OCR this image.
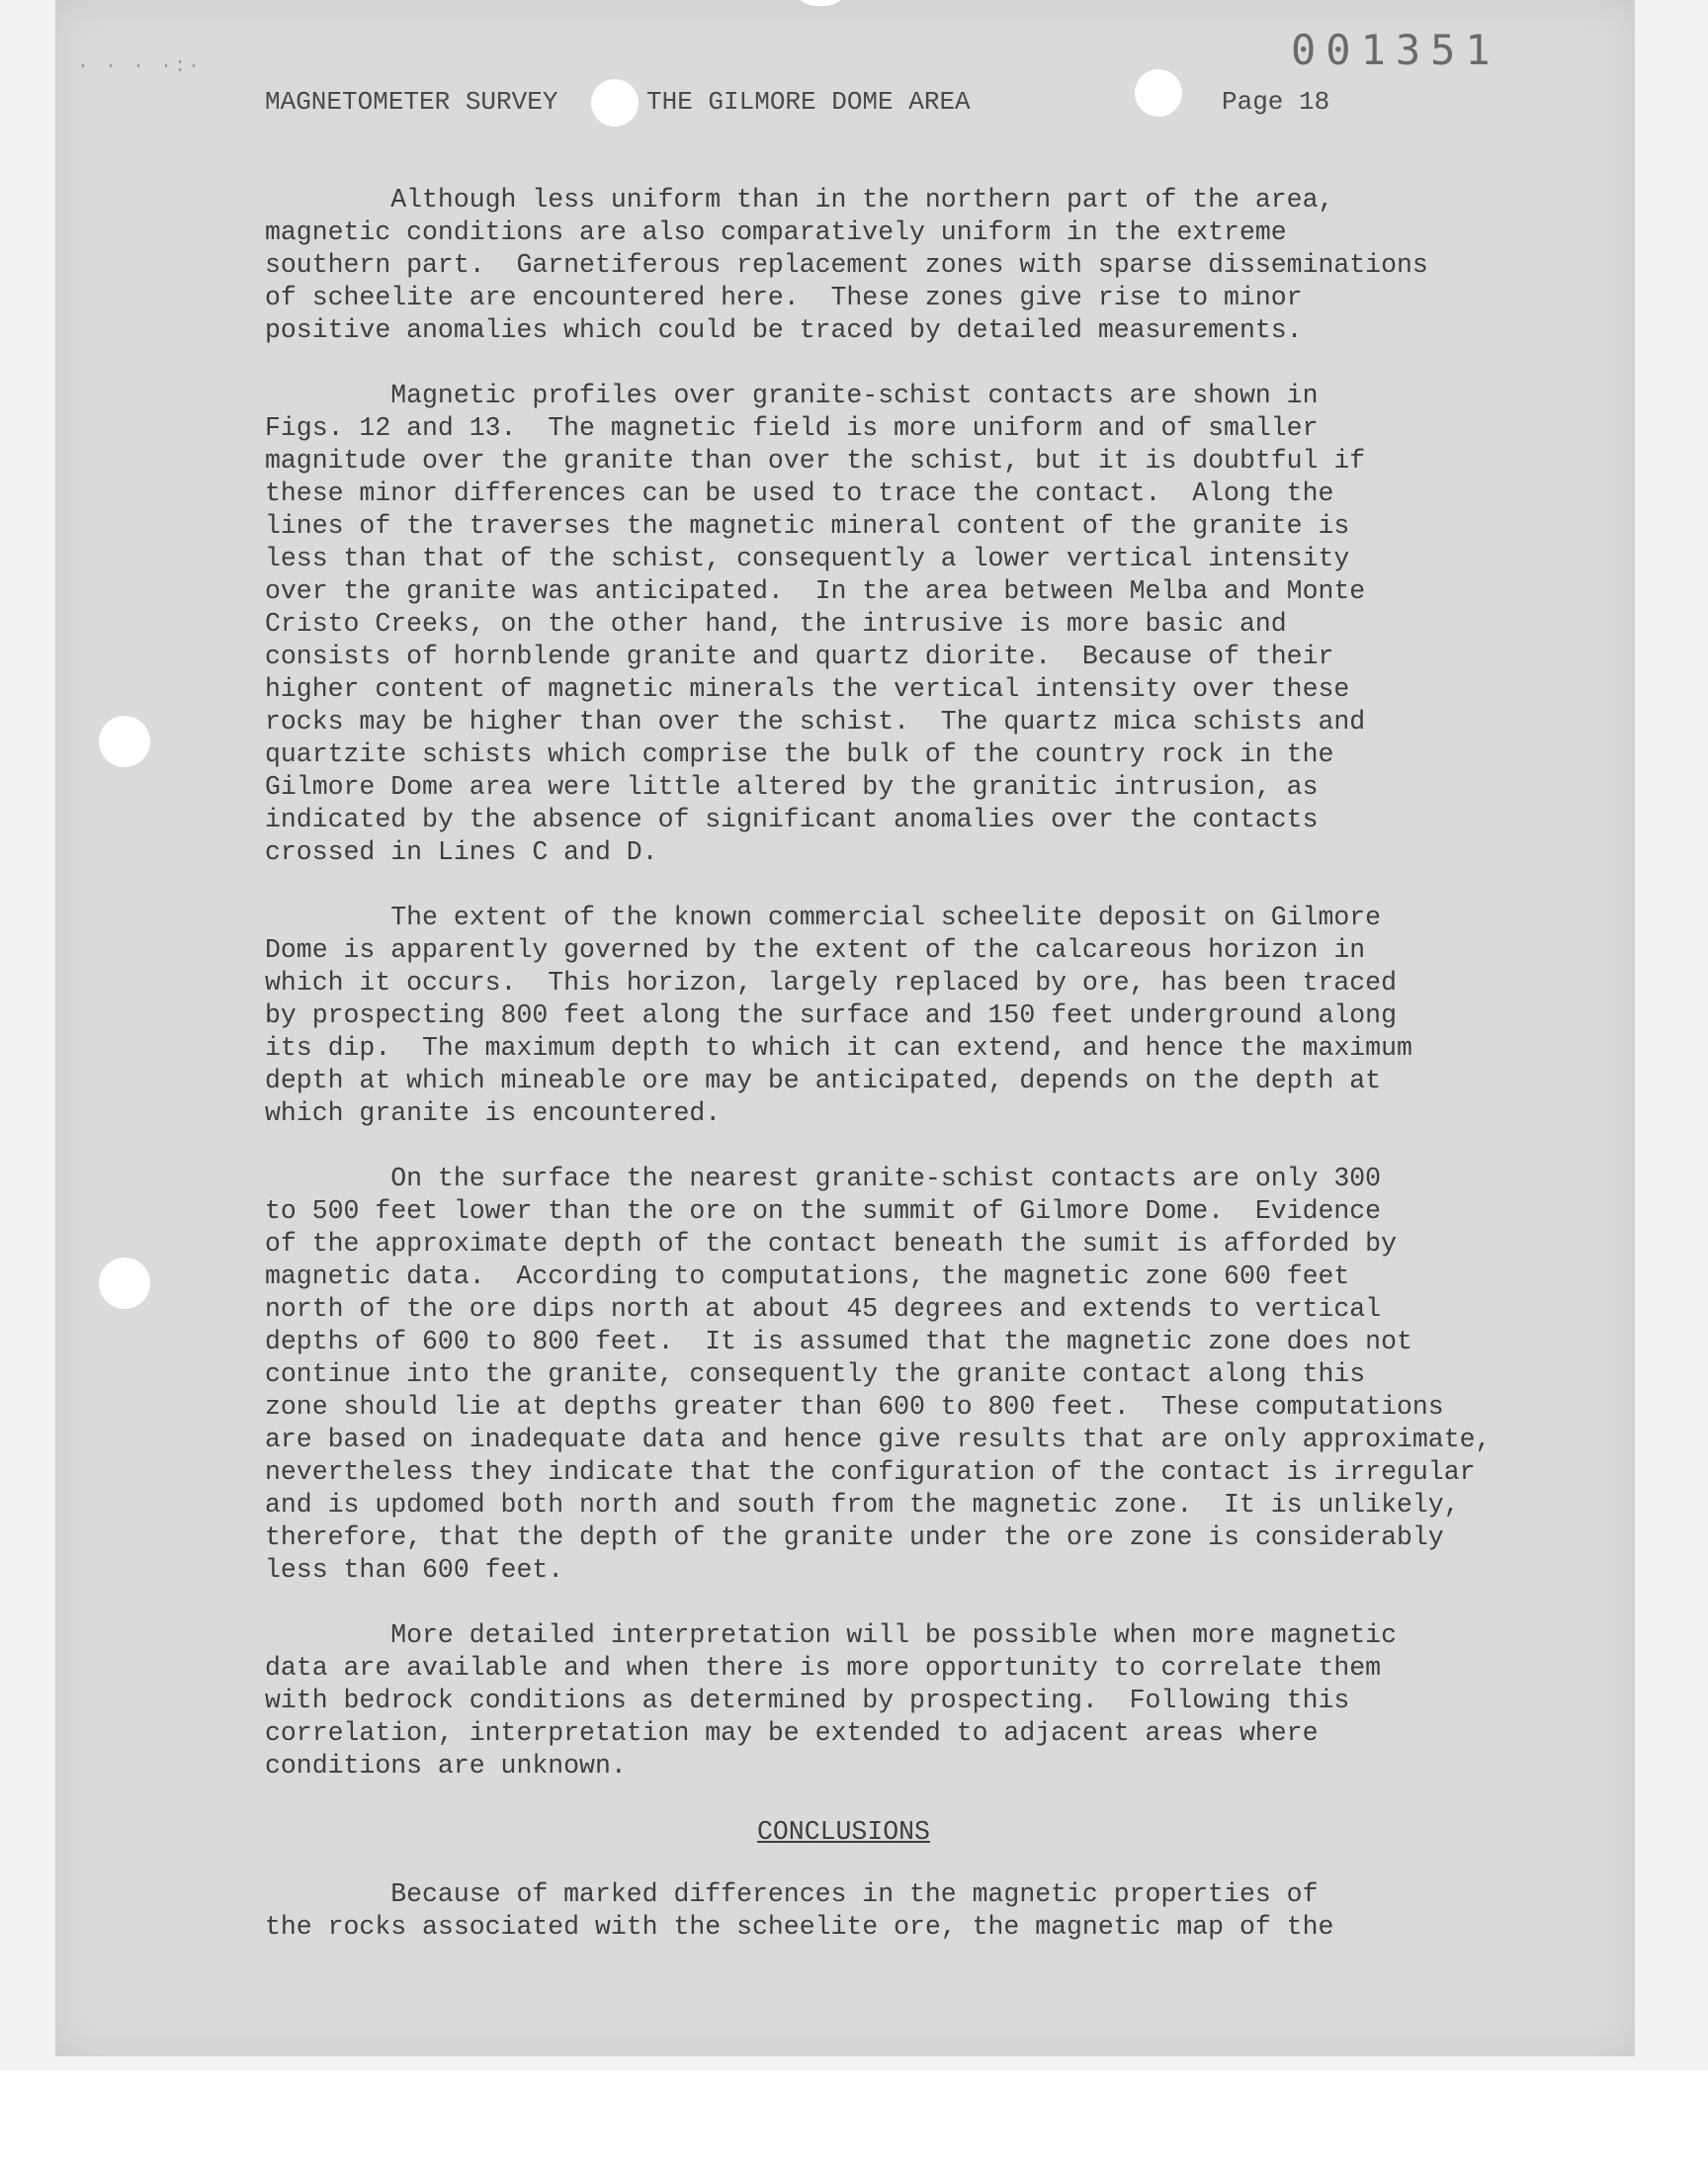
· · · ·:·	001351
MAGNETOMETER SURVEY	THE GILMORE DOME AREA	Page 18

Although less uniform than in the northern part of the area,
magnetic conditions are also comparatively uniform in the extreme
southern part.  Garnetiferous replacement zones with sparse disseminations
of scheelite are encountered here.  These zones give rise to minor
positive anomalies which could be traced by detailed measurements.

Magnetic profiles over granite-schist contacts are shown in
Figs. 12 and 13.  The magnetic field is more uniform and of smaller
magnitude over the granite than over the schist, but it is doubtful if
these minor differences can be used to trace the contact.  Along the
lines of the traverses the magnetic mineral content of the granite is
less than that of the schist, consequently a lower vertical intensity
over the granite was anticipated.  In the area between Melba and Monte
Cristo Creeks, on the other hand, the intrusive is more basic and
consists of hornblende granite and quartz diorite.  Because of their
higher content of magnetic minerals the vertical intensity over these
rocks may be higher than over the schist.  The quartz mica schists and
quartzite schists which comprise the bulk of the country rock in the
Gilmore Dome area were little altered by the granitic intrusion, as
indicated by the absence of significant anomalies over the contacts
crossed in Lines C and D.

The extent of the known commercial scheelite deposit on Gilmore
Dome is apparently governed by the extent of the calcareous horizon in
which it occurs.  This horizon, largely replaced by ore, has been traced
by prospecting 800 feet along the surface and 150 feet underground along
its dip.  The maximum depth to which it can extend, and hence the maximum
depth at which mineable ore may be anticipated, depends on the depth at
which granite is encountered.

On the surface the nearest granite-schist contacts are only 300
to 500 feet lower than the ore on the summit of Gilmore Dome.  Evidence
of the approximate depth of the contact beneath the sumit is afforded by
magnetic data.  According to computations, the magnetic zone 600 feet
north of the ore dips north at about 45 degrees and extends to vertical
depths of 600 to 800 feet.  It is assumed that the magnetic zone does not
continue into the granite, consequently the granite contact along this
zone should lie at depths greater than 600 to 800 feet.  These computations
are based on inadequate data and hence give results that are only approximate,
nevertheless they indicate that the configuration of the contact is irregular
and is updomed both north and south from the magnetic zone.  It is unlikely,
therefore, that the depth of the granite under the ore zone is considerably
less than 600 feet.

More detailed interpretation will be possible when more magnetic
data are available and when there is more opportunity to correlate them
with bedrock conditions as determined by prospecting.  Following this
correlation, interpretation may be extended to adjacent areas where
conditions are unknown.

CONCLUSIONS

Because of marked differences in the magnetic properties of
the rocks associated with the scheelite ore, the magnetic map of the
